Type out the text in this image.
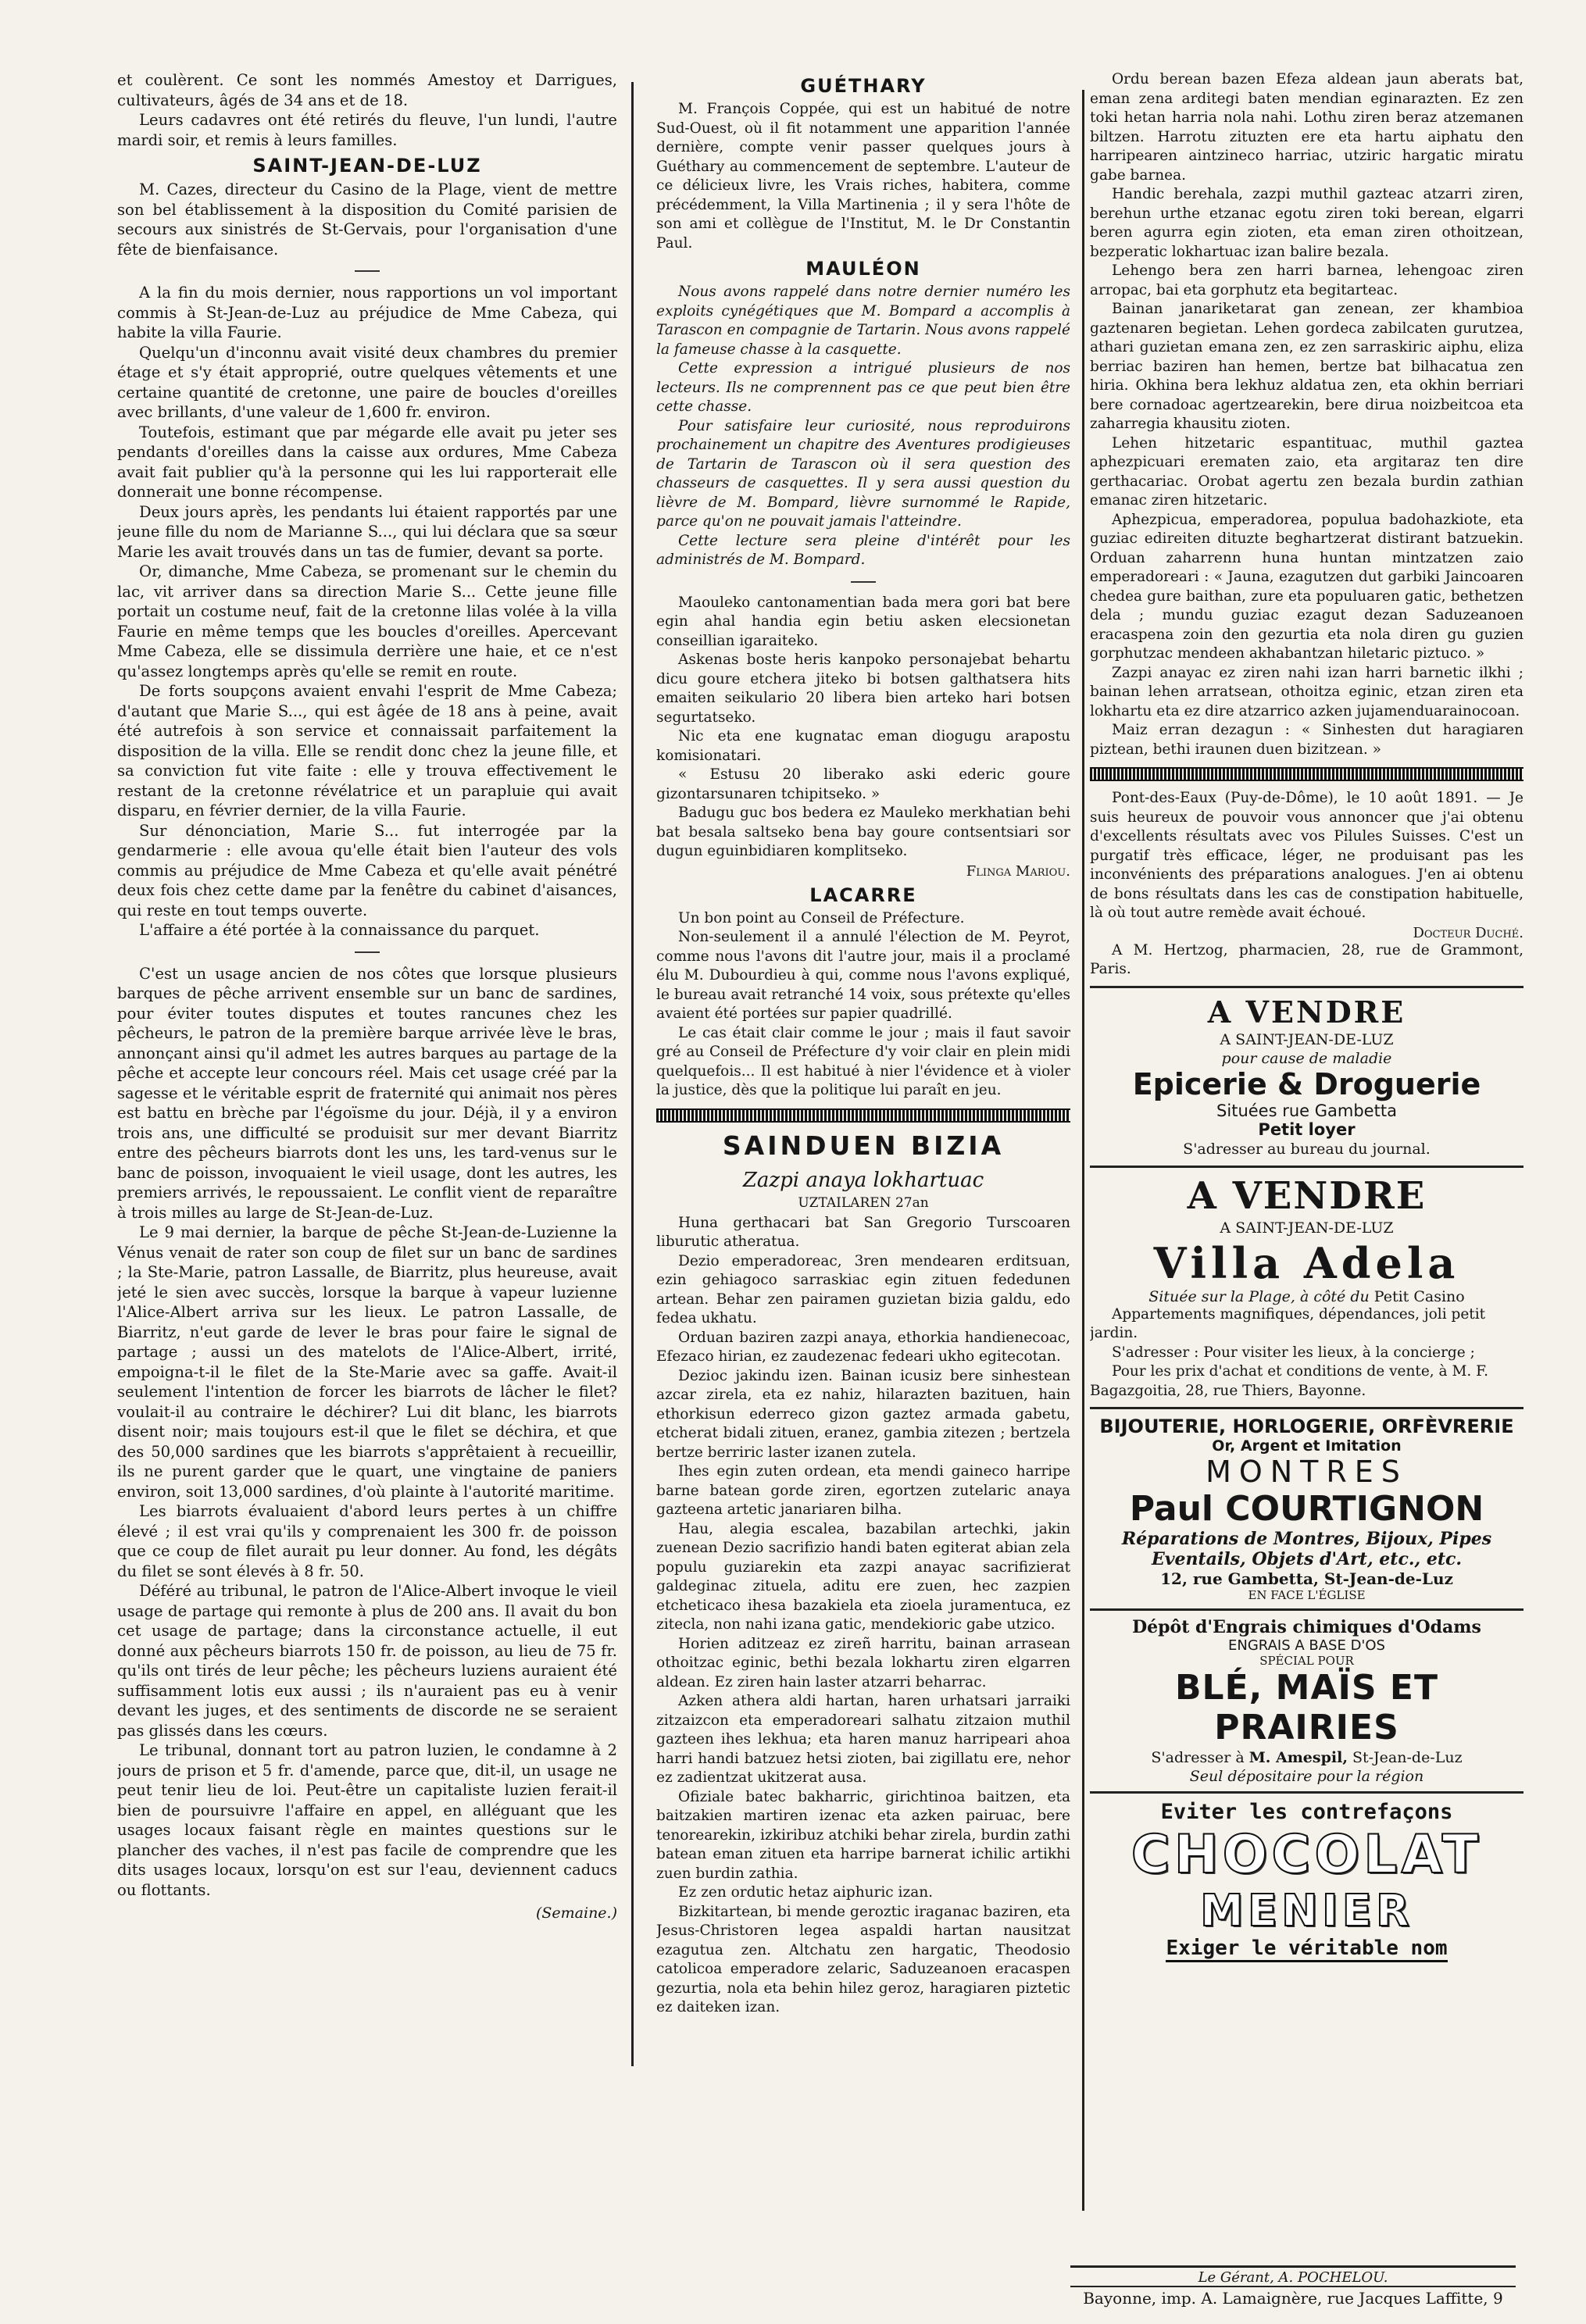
et coulèrent. Ce sont les nommés Amestoy et Darrigues, cultivateurs, âgés de 34 ans et de 18.

Leurs cadavres ont été retirés du fleuve, l'un lundi, l'autre mardi soir, et remis à leurs familles.

SAINT-JEAN-DE-LUZ

M. Cazes, directeur du Casino de la Plage, vient de mettre son bel établissement à la disposition du Comité parisien de secours aux sinistrés de St-Gervais, pour l'organisation d'une fête de bienfaisance.

A la fin du mois dernier, nous rapportions un vol important commis à St-Jean-de-Luz au préjudice de Mme Cabeza, qui habite la villa Faurie.

Quelqu'un d'inconnu avait visité deux chambres du premier étage et s'y était approprié, outre quelques vêtements et une certaine quantité de cretonne, une paire de boucles d'oreilles avec brillants, d'une valeur de 1,600 fr. environ.

Toutefois, estimant que par mégarde elle avait pu jeter ses pendants d'oreilles dans la caisse aux ordures, Mme Cabeza avait fait publier qu'à la personne qui les lui rapporterait elle donnerait une bonne récompense.

Deux jours après, les pendants lui étaient rapportés par une jeune fille du nom de Marianne S..., qui lui déclara que sa sœur Marie les avait trouvés dans un tas de fumier, devant sa porte.

Or, dimanche, Mme Cabeza, se promenant sur le chemin du lac, vit arriver dans sa direction Marie S... Cette jeune fille portait un costume neuf, fait de la cretonne lilas volée à la villa Faurie en même temps que les boucles d'oreilles. Apercevant Mme Cabeza, elle se dissimula derrière une haie, et ce n'est qu'assez longtemps après qu'elle se remit en route.

De forts soupçons avaient envahi l'esprit de Mme Cabeza; d'autant que Marie S..., qui est âgée de 18 ans à peine, avait été autrefois à son service et connaissait parfaitement la disposition de la villa. Elle se rendit donc chez la jeune fille, et sa conviction fut vite faite : elle y trouva effectivement le restant de la cretonne révélatrice et un parapluie qui avait disparu, en février dernier, de la villa Faurie.

Sur dénonciation, Marie S... fut interrogée par la gendarmerie : elle avoua qu'elle était bien l'auteur des vols commis au préjudice de Mme Cabeza et qu'elle avait pénétré deux fois chez cette dame par la fenêtre du cabinet d'aisances, qui reste en tout temps ouverte.

L'affaire a été portée à la connaissance du parquet.

C'est un usage ancien de nos côtes que lorsque plusieurs barques de pêche arrivent ensemble sur un banc de sardines, pour éviter toutes disputes et toutes rancunes chez les pêcheurs, le patron de la première barque arrivée lève le bras, annonçant ainsi qu'il admet les autres barques au partage de la pêche et accepte leur concours réel. Mais cet usage créé par la sagesse et le véritable esprit de fraternité qui animait nos pères est battu en brèche par l'égoïsme du jour. Déjà, il y a environ trois ans, une difficulté se produisit sur mer devant Biarritz entre des pêcheurs biarrots dont les uns, les tard-venus sur le banc de poisson, invoquaient le vieil usage, dont les autres, les premiers arrivés, le repoussaient. Le conflit vient de reparaître à trois milles au large de St-Jean-de-Luz.

Le 9 mai dernier, la barque de pêche St-Jean-de-Luzienne la Vénus venait de rater son coup de filet sur un banc de sardines ; la Ste-Marie, patron Lassalle, de Biarritz, plus heureuse, avait jeté le sien avec succès, lorsque la barque à vapeur luzienne l'Alice-Albert arriva sur les lieux. Le patron Lassalle, de Biarritz, n'eut garde de lever le bras pour faire le signal de partage ; aussi un des matelots de l'Alice-Albert, irrité, empoigna-t-il le filet de la Ste-Marie avec sa gaffe. Avait-il seulement l'intention de forcer les biarrots de lâcher le filet? voulait-il au contraire le déchirer? Lui dit blanc, les biarrots disent noir; mais toujours est-il que le filet se déchira, et que des 50,000 sardines que les biarrots s'apprêtaient à recueillir, ils ne purent garder que le quart, une vingtaine de paniers environ, soit 13,000 sardines, d'où plainte à l'autorité maritime.

Les biarrots évaluaient d'abord leurs pertes à un chiffre élevé ; il est vrai qu'ils y comprenaient les 300 fr. de poisson que ce coup de filet aurait pu leur donner. Au fond, les dégâts du filet se sont élevés à 8 fr. 50.

Déféré au tribunal, le patron de l'Alice-Albert invoque le vieil usage de partage qui remonte à plus de 200 ans. Il avait du bon cet usage de partage; dans la circonstance actuelle, il eut donné aux pêcheurs biarrots 150 fr. de poisson, au lieu de 75 fr. qu'ils ont tirés de leur pêche; les pêcheurs luziens auraient été suffisamment lotis eux aussi ; ils n'auraient pas eu à venir devant les juges, et des sentiments de discorde ne se seraient pas glissés dans les cœurs.

Le tribunal, donnant tort au patron luzien, le condamne à 2 jours de prison et 5 fr. d'amende, parce que, dit-il, un usage ne peut tenir lieu de loi. Peut-être un capitaliste luzien ferait-il bien de poursuivre l'affaire en appel, en alléguant que les usages locaux faisant règle en maintes questions sur le plancher des vaches, il n'est pas facile de comprendre que les dits usages locaux, lorsqu'on est sur l'eau, deviennent caducs ou flottants.

(Semaine.)
GUÉTHARY

M. François Coppée, qui est un habitué de notre Sud-Ouest, où il fit notamment une apparition l'année dernière, compte venir passer quelques jours à Guéthary au commencement de septembre. L'auteur de ce délicieux livre, les Vrais riches, habitera, comme précédemment, la Villa Martinenia ; il y sera l'hôte de son ami et collègue de l'Institut, M. le Dr Constantin Paul.

MAULÉON

Nous avons rappelé dans notre dernier numéro les exploits cynégétiques que M. Bompard a accomplis à Tarascon en compagnie de Tartarin. Nous avons rappelé la fameuse chasse à la casquette.

Cette expression a intrigué plusieurs de nos lecteurs. Ils ne comprennent pas ce que peut bien être cette chasse.

Pour satisfaire leur curiosité, nous reproduirons prochainement un chapitre des Aventures prodigieuses de Tartarin de Tarascon où il sera question des chasseurs de casquettes. Il y sera aussi question du lièvre de M. Bompard, lièvre surnommé le Rapide, parce qu'on ne pouvait jamais l'atteindre.

Cette lecture sera pleine d'intérêt pour les administrés de M. Bompard.

Maouleko cantonamentian bada mera gori bat bere egin ahal handia egin betiu asken elecsionetan conseillian igaraiteko.

Askenas boste heris kanpoko personajebat behartu dicu goure etchera jiteko bi botsen galthatsera hits emaiten seikulario 20 libera bien arteko hari botsen segurtatseko.

Nic eta ene kugnatac eman diogugu arapostu komisionatari.

« Estusu 20 liberako aski ederic goure gizontarsunaren tchipitseko. »

Badugu guc bos bedera ez Mauleko merkhatian behi bat besala saltseko bena bay goure contsentsiari sor dugun eguinbidiaren komplitseko.

Flinga Mariou.
LACARRE

Un bon point au Conseil de Préfecture.

Non-seulement il a annulé l'élection de M. Peyrot, comme nous l'avons dit l'autre jour, mais il a proclamé élu M. Dubourdieu à qui, comme nous l'avons expliqué, le bureau avait retranché 14 voix, sous prétexte qu'elles avaient été portées sur papier quadrillé.

Le cas était clair comme le jour ; mais il faut savoir gré au Conseil de Préfecture d'y voir clair en plein midi quelquefois... Il est habitué à nier l'évidence et à violer la justice, dès que la politique lui paraît en jeu.

SAINDUEN BIZIA
Zazpi anaya lokhartuac
UZTAILAREN 27an

Huna gerthacari bat San Gregorio Turscoaren liburutic atheratua.

Dezio emperadoreac, 3ren mendearen erditsuan, ezin gehiagoco sarraskiac egin zituen fededunen artean. Behar zen pairamen guzietan bizia galdu, edo fedea ukhatu.

Orduan baziren zazpi anaya, ethorkia handienecoac, Efezaco hirian, ez zaudezenac fedeari ukho egitecotan.

Dezioc jakindu izen. Bainan icusiz bere sinhestean azcar zirela, eta ez nahiz, hilarazten bazituen, hain ethorkisun ederreco gizon gaztez armada gabetu, etcherat bidali zituen, eranez, gambia zitezen ; bertzela bertze berriric laster izanen zutela.

Ihes egin zuten ordean, eta mendi gaineco harripe barne batean gorde ziren, egortzen zutelaric anaya gazteena artetic janariaren bilha.

Hau, alegia escalea, bazabilan artechki, jakin zuenean Dezio sacrifizio handi baten egiterat abian zela populu guziarekin eta zazpi anayac sacrifizierat galdeginac zituela, aditu ere zuen, hec zazpien etcheticaco ihesa bazakiela eta zioela juramentuca, ez zitecla, non nahi izana gatic, mendekioric gabe utzico.

Horien aditzeaz ez zireñ harritu, bainan arrasean othoitzac eginic, bethi bezala lokhartu ziren elgarren aldean. Ez ziren hain laster atzarri beharrac.

Azken athera aldi hartan, haren urhatsari jarraiki zitzaizcon eta emperadoreari salhatu zitzaion muthil gazteen ihes lekhua; eta haren manuz harripeari ahoa harri handi batzuez hetsi zioten, bai zigillatu ere, nehor ez zadientzat ukitzerat ausa.

Ofiziale batec bakharric, girichtinoa baitzen, eta baitzakien martiren izenac eta azken pairuac, bere tenorearekin, izkiribuz atchiki behar zirela, burdin zathi batean eman zituen eta harripe barnerat ichilic artikhi zuen burdin zathia.

Ez zen ordutic hetaz aiphuric izan.

Bizkitartean, bi mende geroztic iraganac baziren, eta Jesus-Christoren legea aspaldi hartan nausitzat ezagutua zen. Altchatu zen hargatic, Theodosio catolicoa emperadore zelaric, Saduzeanoen eracaspen gezurtia, nola eta behin hilez geroz, haragiaren piztetic ez daiteken izan.

Ordu berean bazen Efeza aldean jaun aberats bat, eman zena arditegi baten mendian eginarazten. Ez zen toki hetan harria nola nahi. Lothu ziren beraz atzemanen biltzen. Harrotu zituzten ere eta hartu aiphatu den harripearen aintzineco harriac, utziric hargatic miratu gabe barnea.

Handic berehala, zazpi muthil gazteac atzarri ziren, berehun urthe etzanac egotu ziren toki berean, elgarri beren agurra egin zioten, eta eman ziren othoitzean, bezperatic lokhartuac izan balire bezala.

Lehengo bera zen harri barnea, lehengoac ziren arropac, bai eta gorphutz eta begitarteac.

Bainan janariketarat gan zenean, zer khambioa gaztenaren begietan. Lehen gordeca zabilcaten gurutzea, athari guzietan emana zen, ez zen sarraskiric aiphu, eliza berriac baziren han hemen, bertze bat bilhacatua zen hiria. Okhina bera lekhuz aldatua zen, eta okhin berriari bere cornadoac agertzearekin, bere dirua noizbeitcoa eta zaharregia khausitu zioten.

Lehen hitzetaric espantituac, muthil gaztea aphezpicuari erematen zaio, eta argitaraz ten dire gerthacariac. Orobat agertu zen bezala burdin zathian emanac ziren hitzetaric.

Aphezpicua, emperadorea, populua badohazkiote, eta guziac edireiten dituzte beghartzerat distirant batzuekin. Orduan zaharrenn huna huntan mintzatzen zaio emperadoreari : « Jauna, ezagutzen dut garbiki Jaincoaren chedea gure baithan, zure eta populuaren gatic, bethetzen dela ; mundu guziac ezagut dezan Saduzeanoen eracaspena zoin den gezurtia eta nola diren gu guzien gorphutzac mendeen akhabantzan hiletaric piztuco. »

Zazpi anayac ez ziren nahi izan harri barnetic ilkhi ; bainan lehen arratsean, othoitza eginic, etzan ziren eta lokhartu eta ez dire atzarrico azken jujamenduarainocoan.

Maiz erran dezagun : « Sinhesten dut haragiaren piztean, bethi iraunen duen bizitzean. »

Pont-des-Eaux (Puy-de-Dôme), le 10 août 1891. — Je suis heureux de pouvoir vous annoncer que j'ai obtenu d'excellents résultats avec vos Pilules Suisses. C'est un purgatif très efficace, léger, ne produisant pas les inconvénients des préparations analogues. J'en ai obtenu de bons résultats dans les cas de constipation habituelle, là où tout autre remède avait échoué.

Docteur Duché.

A M. Hertzog, pharmacien, 28, rue de Grammont, Paris.

A VENDRE
A SAINT-JEAN-DE-LUZ
pour cause de maladie
Epicerie & Droguerie
Situées rue Gambetta
Petit loyer
S'adresser au bureau du journal.
A VENDRE
A SAINT-JEAN-DE-LUZ
Villa Adela
Située sur la Plage, à côté du Petit Casino

Appartements magnifiques, dépendances, joli petit jardin.

S'adresser : Pour visiter les lieux, à la concierge ;

Pour les prix d'achat et conditions de vente, à M. F. Bagazgoitia, 28, rue Thiers, Bayonne.

BIJOUTERIE, HORLOGERIE, ORFÈVRERIE
Or, Argent et Imitation
MONTRES
Paul COURTIGNON
Réparations de Montres, Bijoux, Pipes
Eventails, Objets d'Art, etc., etc.
12, rue Gambetta, St-Jean-de-Luz
EN FACE L'ÉGLISE
Dépôt d'Engrais chimiques d'Odams
ENGRAIS A BASE D'OS
SPÉCIAL POUR
BLÉ, MAÏS ET PRAIRIES
S'adresser à M. Amespil, St-Jean-de-Luz
Seul dépositaire pour la région
Eviter les contrefaçons
CHOCOLAT
MENIER
Exiger le véritable nom
Le Gérant, A. POCHELOU.
Bayonne, imp. A. Lamaignère, rue Jacques Laffitte, 9
